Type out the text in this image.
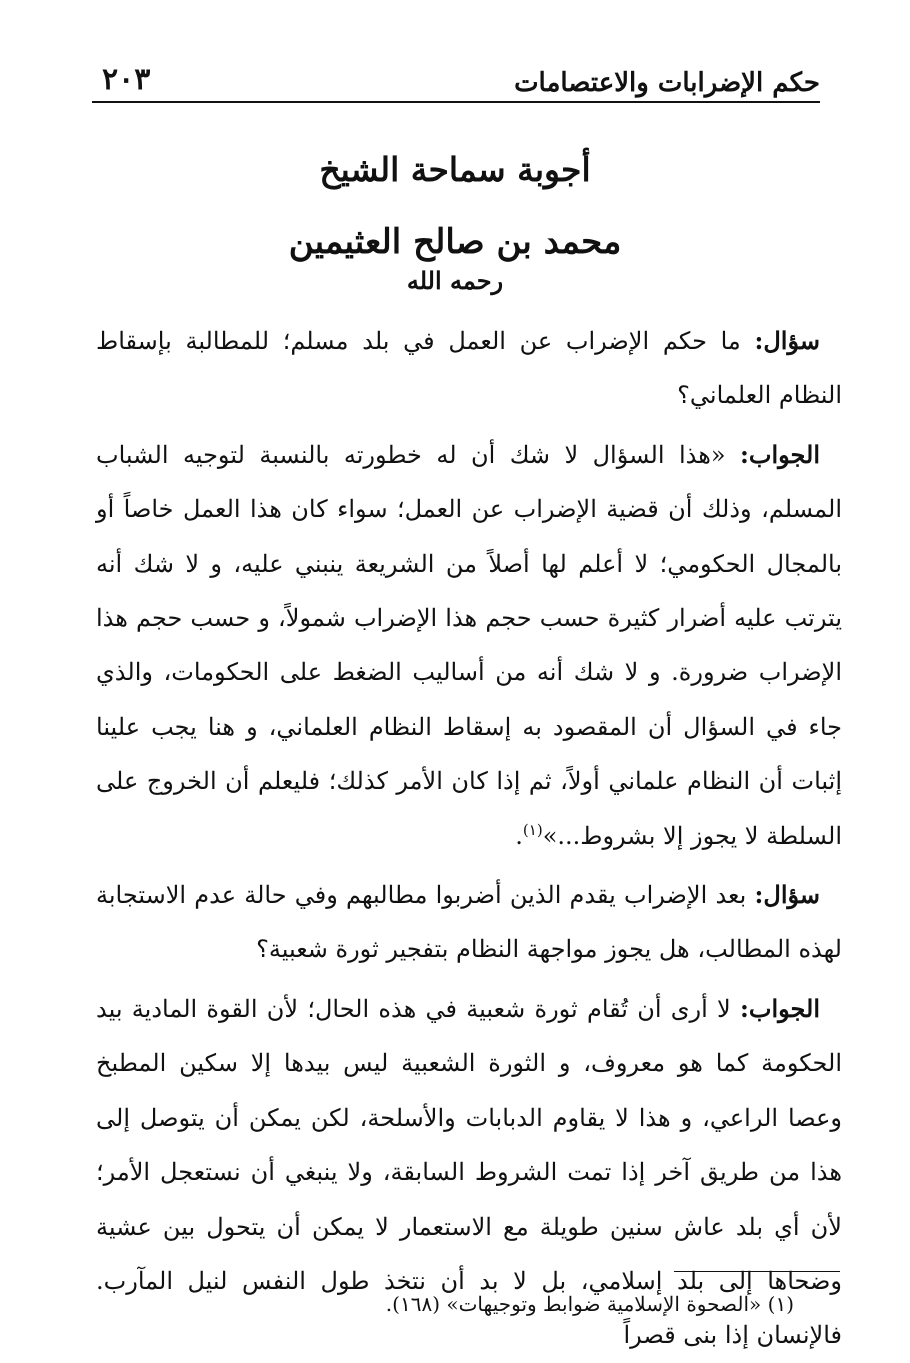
حكم الإضرابات والاعتصامات
٢٠٣
أجوبة سماحة الشيخ
محمد بن صالح العثيمين
رحمه الله

سؤال: ما حكم الإضراب عن العمل في بلد مسلم؛ للمطالبة بإسقاط النظام العلماني؟

الجواب: «هذا السؤال لا شك أن له خطورته بالنسبة لتوجيه الشباب المسلم، وذلك أن قضية الإضراب عن العمل؛ سواء كان هذا العمل خاصاً أو بالمجال الحكومي؛ لا أعلم لها أصلاً من الشريعة ينبني عليه، و لا شك أنه يترتب عليه أضرار كثيرة حسب حجم هذا الإضراب شمولاً، و حسب حجم هذا الإضراب ضرورة. و لا شك أنه من أساليب الضغط على الحكومات، والذي جاء في السؤال أن المقصود به إسقاط النظام العلماني، و هنا يجب علينا إثبات أن النظام علماني أولاً، ثم إذا كان الأمر كذلك؛ فليعلم أن الخروج على السلطة لا يجوز إلا بشروط...»$^{(١)}$.

سؤال: بعد الإضراب يقدم الذين أضربوا مطالبهم وفي حالة عدم الاستجابة لهذه المطالب، هل يجوز مواجهة النظام بتفجير ثورة شعبية؟

الجواب: لا أرى أن تُقام ثورة شعبية في هذه الحال؛ لأن القوة المادية بيد الحكومة كما هو معروف، و الثورة الشعبية ليس بيدها إلا سكين المطبخ وعصا الراعي، و هذا لا يقاوم الدبابات والأسلحة، لكن يمكن أن يتوصل إلى هذا من طريق آخر إذا تمت الشروط السابقة، ولا ينبغي أن نستعجل الأمر؛ لأن أي بلد عاش سنين طويلة مع الاستعمار لا يمكن أن يتحول بين عشية وضحاها إلى بلد إسلامي، بل لا بد أن نتخذ طول النفس لنيل المآرب. فالإنسان إذا بنى قصراً

(١) «الصحوة الإسلامية ضوابط وتوجيهات» (١٦٨).
